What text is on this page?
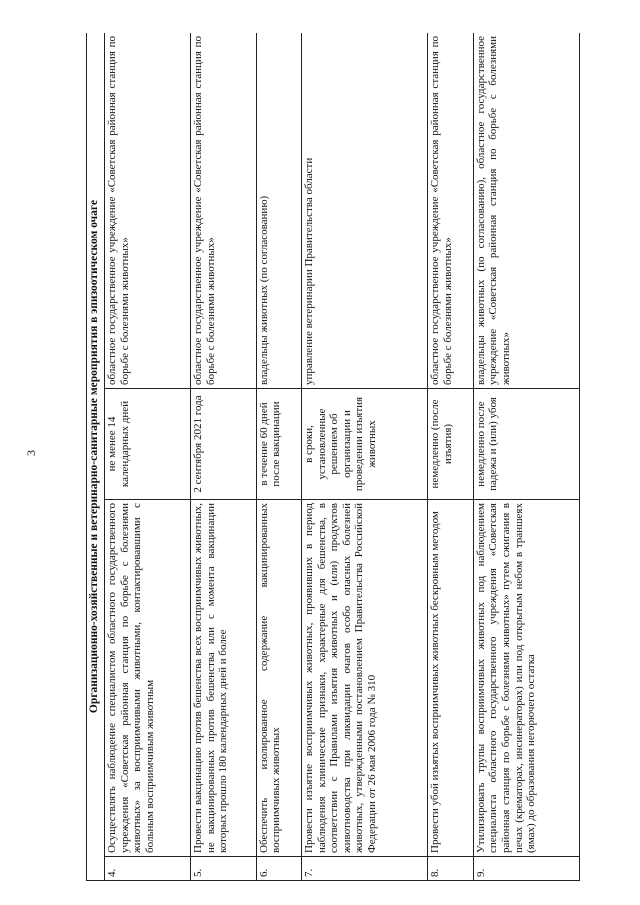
3	Организационно-хозяйственные и ветеринарно-санитарные мероприятия в эпизоотическом очаге			
4.	Осуществлять наблюдение специалистом областного государственного учреждения «Советская районная станция по борьбе с болезнями животных» за восприимчивыми животными, контактировавшими с больным восприимчивым животным	не менее 14 календарных дней	областное государственное учреждение «Советская районная станция по борьбе с болезнями животных»
5.	Провести вакцинацию против бешенства всех восприимчивых животных, не вакцинированных против бешенства или с момента вакцинации которых прошло 180 календарных дней и более	2 сентября 2021 года	областное государственное учреждение «Советская районная станция по борьбе с болезнями животных»
6.	Обеспечить изолированное содержание вакцинированных восприимчивых животных	в течение 60 дней после вакцинации	владельцы животных (по согласованию)
7.	Провести изъятие восприимчивых животных, проявивших в период наблюдения клинические признаки, характерные для бешенства, в соответствии с Правилами изъятия животных и (или) продуктов животноводства при ликвидации очагов особо опасных болезней животных, утвержденными постановлением Правительства Российской Федерации от 26 мая 2006 года № 310	в сроки, установленные решением об организации и проведении изъятия животных	управление ветеринарии Правительства области
8.	Провести убой изъятых восприимчивых животных бескровным методом	немедленно (после изъятия)	областное государственное учреждение «Советская районная станция по борьбе с болезнями животных»
9.	Утилизировать трупы восприимчивых животных под наблюдением специалиста областного государственного учреждения «Советская районная станция по борьбе с болезнями животных» путем сжигания в печах (крематорах, инсинераторах) или под открытым небом в траншеях (ямах) до образования негорючего остатка	немедленно после падежа и (или) убоя	владельцы животных (по согласованию), областное государственное учреждение «Советская районная станция по борьбе с болезнями животных»
